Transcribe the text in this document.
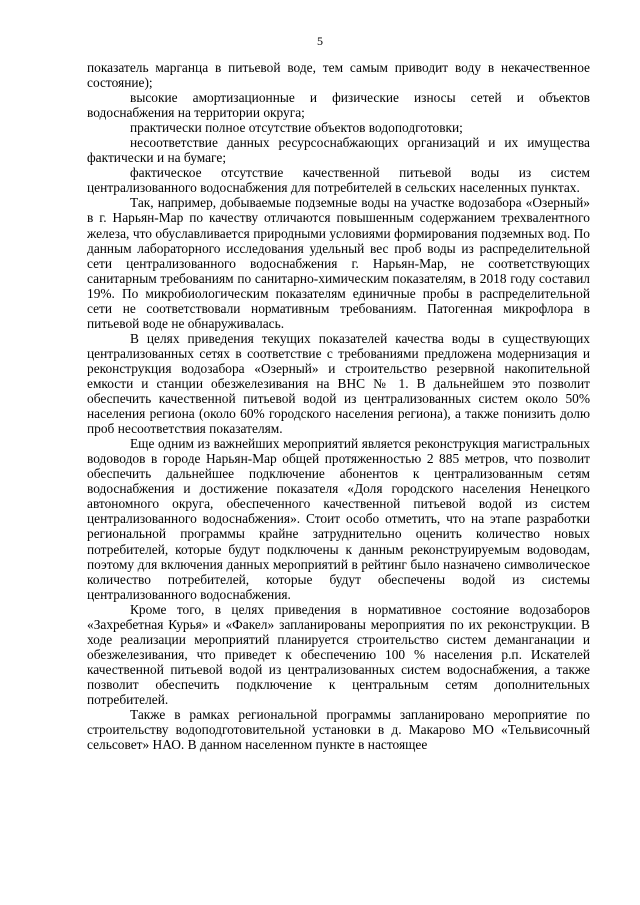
5

показатель марганца в питьевой воде, тем самым приводит воду в некачественное состояние);

высокие амортизационные и физические износы сетей и объектов водоснабжения на территории округа;

практически полное отсутствие объектов водоподготовки;

несоответствие данных ресурсоснабжающих организаций и их имущества фактически и на бумаге;

фактическое отсутствие качественной питьевой воды из систем централизованного водоснабжения для потребителей в сельских населенных пунктах.

Так, например, добываемые подземные воды на участке водозабора «Озерный» в г. Нарьян-Мар по качеству отличаются повышенным содержанием трехвалентного железа, что обуславливается природными условиями формирования подземных вод. По данным лабораторного исследования удельный вес проб воды из распределительной сети централизованного водоснабжения г. Нарьян-Мар, не соответствующих санитарным требованиям по санитарно-химическим показателям, в 2018 году составил 19%. По микробиологическим показателям единичные пробы в распределительной сети не соответствовали нормативным требованиям. Патогенная микрофлора в питьевой воде не обнаруживалась.

В целях приведения текущих показателей качества воды в существующих централизованных сетях в соответствие с требованиями предложена модернизация и реконструкция водозабора «Озерный» и строительство резервной накопительной емкости и станции обезжелезивания на ВНС № 1. В дальнейшем это позволит обеспечить качественной питьевой водой из централизованных систем около 50% населения региона (около 60% городского населения региона), а также понизить долю проб несоответствия показателям.

Еще одним из важнейших мероприятий является реконструкция магистральных водоводов в городе Нарьян-Мар общей протяженностью 2 885 метров, что позволит обеспечить дальнейшее подключение абонентов к централизованным сетям водоснабжения и достижение показателя «Доля городского населения Ненецкого автономного округа, обеспеченного качественной питьевой водой из систем централизованного водоснабжения». Стоит особо отметить, что на этапе разработки региональной программы крайне затруднительно оценить количество новых потребителей, которые будут подключены к данным реконструируемым водоводам, поэтому для включения данных мероприятий в рейтинг было назначено символическое количество потребителей, которые будут обеспечены водой из системы централизованного водоснабжения.

Кроме того, в целях приведения в нормативное состояние водозаборов «Захребетная Курья» и «Факел» запланированы мероприятия по их реконструкции. В ходе реализации мероприятий планируется строительство систем деманганации и обезжелезивания, что приведет к обеспечению 100 % населения р.п. Искателей качественной питьевой водой из централизованных систем водоснабжения, а также позволит обеспечить подключение к центральным сетям дополнительных потребителей.

Также в рамках региональной программы запланировано мероприятие по строительству водоподготовительной установки в д. Макарово МО «Тельвисочный сельсовет» НАО. В данном населенном пункте в настоящее
